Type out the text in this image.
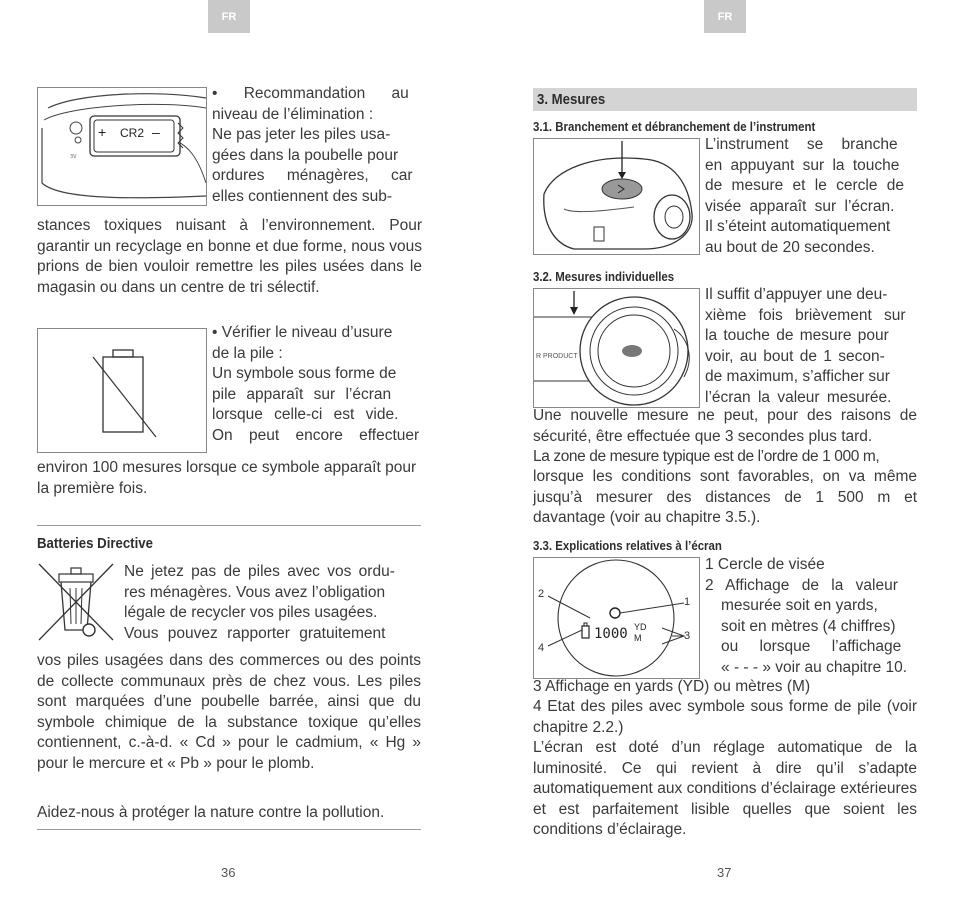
FR
3V
+ CR2 –

• Recommandation au

niveau de l’élimination :

Ne pas jeter les piles usa-

gées dans la poubelle pour

ordures ménagères, car

elles contiennent des sub-

stances toxiques nuisant à l’environnement. Pour garantir un recyclage en bonne et due forme, nous vous prions de bien vouloir remettre les piles usées dans le magasin ou dans un centre de tri sélectif.

• Vérifier le niveau d’usure

de la pile :

Un symbole sous forme de

pile apparaît sur l’écran

lorsque celle-ci est vide.

On peut encore effectuer

environ 100 mesures lorsque ce symbole apparaît pour la première fois.

Batteries Directive

Ne jetez pas de piles avec vos ordu-

res ménagères. Vous avez l’obligation

légale de recycler vos piles usagées.

Vous pouvez rapporter gratuitement

vos piles usagées dans des commerces ou des points de collecte communaux près de chez vous. Les piles sont marquées d’une poubelle barrée, ainsi que du symbole chimique de la substance toxique qu’elles contiennent, c.-à-d. « Cd » pour le cadmium, « Hg » pour le mercure et « Pb » pour le plomb.

Aidez-nous à protéger la nature contre la pollution.

36
FR
3. Mesures
3.1. Branchement et débranchement de l’instrument

L’instrument se branche

en appuyant sur la touche

de mesure et le cercle de

visée apparaît sur l’écran.

Il s’éteint automatiquement

au bout de 20 secondes.

3.2. Mesures individuelles
R PRODUCT

Il suffit d’appuyer une deu-

xième fois brièvement sur

la touche de mesure pour

voir, au bout de 1 secon-

de maximum, s’afficher sur

l’écran la valeur mesurée.

Une nouvelle mesure ne peut, pour des raisons de sécurité, être effectuée que 3 secondes plus tard.

La zone de mesure typique est de l’ordre de 1 000 m,

lorsque les conditions sont favorables, on va même jusqu’à mesurer des distances de 1 500 m et davantage (voir au chapitre 3.5.).

3.3. Explications relatives à l’écran
1
2
3
4
1000 YD
M

1 Cercle de visée

2 Affichage de la valeur

mesurée soit en yards,

soit en mètres (4 chiffres)

ou lorsque l’affichage

« - - - » voir au chapitre 10.

3 Affichage en yards (YD) ou mètres (M)

4 Etat des piles avec symbole sous forme de pile (voir chapitre 2.2.)

L’écran est doté d’un réglage automatique de la luminosité. Ce qui revient à dire qu’il s’adapte automatiquement aux conditions d’éclairage extérieures et est parfaitement lisible quelles que soient les conditions d’éclairage.

37
